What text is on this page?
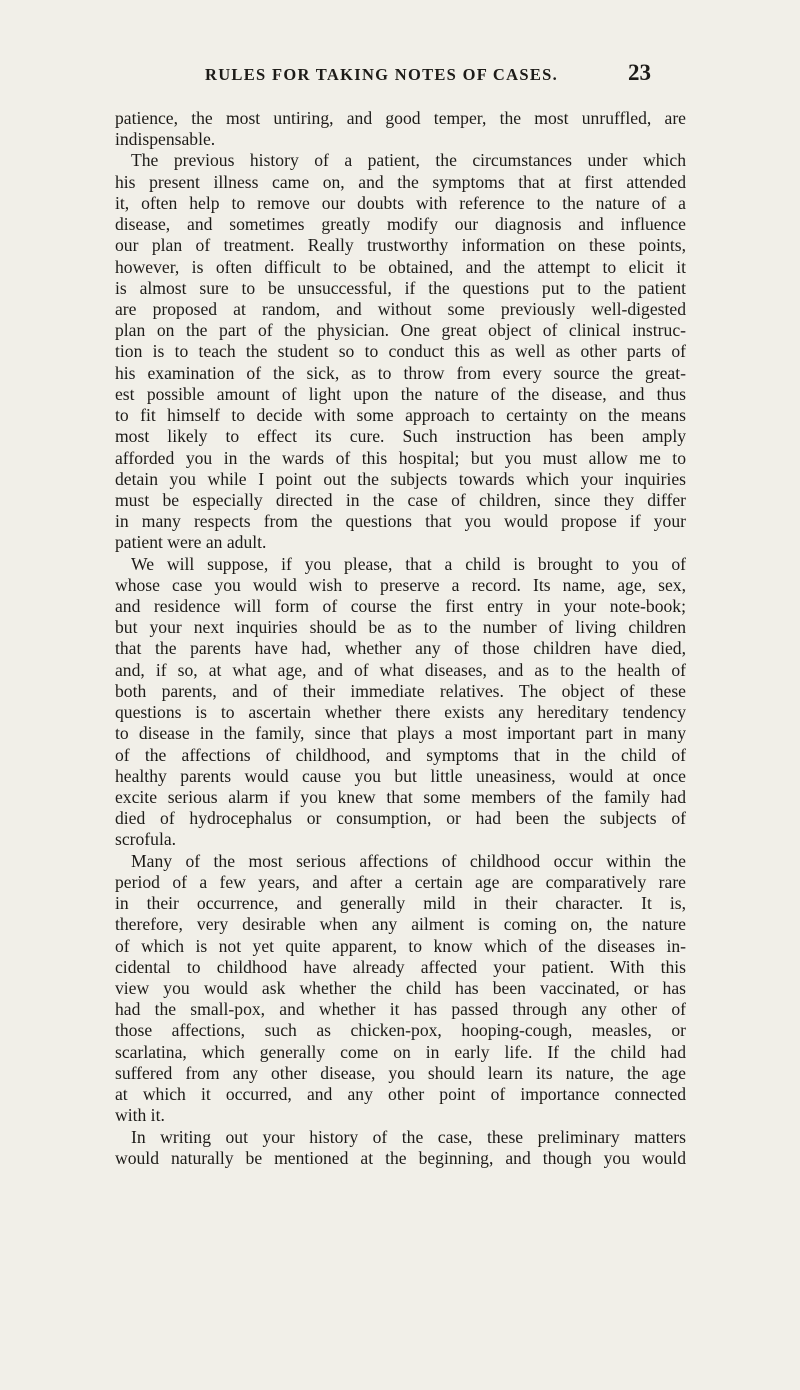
RULES FOR TAKING NOTES OF CASES.	23
patience, the most untiring, and good temper, the most unruffled, are
indispensable.
The previous history of a patient, the circumstances under which
his present illness came on, and the symptoms that at first attended
it, often help to remove our doubts with reference to the nature of a
disease, and sometimes greatly modify our diagnosis and influence
our plan of treatment. Really trustworthy information on these points,
however, is often difficult to be obtained, and the attempt to elicit it
is almost sure to be unsuccessful, if the questions put to the patient
are proposed at random, and without some previously well-digested
plan on the part of the physician. One great object of clinical instruc-
tion is to teach the student so to conduct this as well as other parts of
his examination of the sick, as to throw from every source the great-
est possible amount of light upon the nature of the disease, and thus
to fit himself to decide with some approach to certainty on the means
most likely to effect its cure. Such instruction has been amply
afforded you in the wards of this hospital; but you must allow me to
detain you while I point out the subjects towards which your inquiries
must be especially directed in the case of children, since they differ
in many respects from the questions that you would propose if your
patient were an adult.
We will suppose, if you please, that a child is brought to you of
whose case you would wish to preserve a record. Its name, age, sex,
and residence will form of course the first entry in your note-book;
but your next inquiries should be as to the number of living children
that the parents have had, whether any of those children have died,
and, if so, at what age, and of what diseases, and as to the health of
both parents, and of their immediate relatives. The object of these
questions is to ascertain whether there exists any hereditary tendency
to disease in the family, since that plays a most important part in many
of the affections of childhood, and symptoms that in the child of
healthy parents would cause you but little uneasiness, would at once
excite serious alarm if you knew that some members of the family had
died of hydrocephalus or consumption, or had been the subjects of
scrofula.
Many of the most serious affections of childhood occur within the
period of a few years, and after a certain age are comparatively rare
in their occurrence, and generally mild in their character. It is,
therefore, very desirable when any ailment is coming on, the nature
of which is not yet quite apparent, to know which of the diseases in-
cidental to childhood have already affected your patient. With this
view you would ask whether the child has been vaccinated, or has
had the small-pox, and whether it has passed through any other of
those affections, such as chicken-pox, hooping-cough, measles, or
scarlatina, which generally come on in early life. If the child had
suffered from any other disease, you should learn its nature, the age
at which it occurred, and any other point of importance connected
with it.
In writing out your history of the case, these preliminary matters
would naturally be mentioned at the beginning, and though you would
